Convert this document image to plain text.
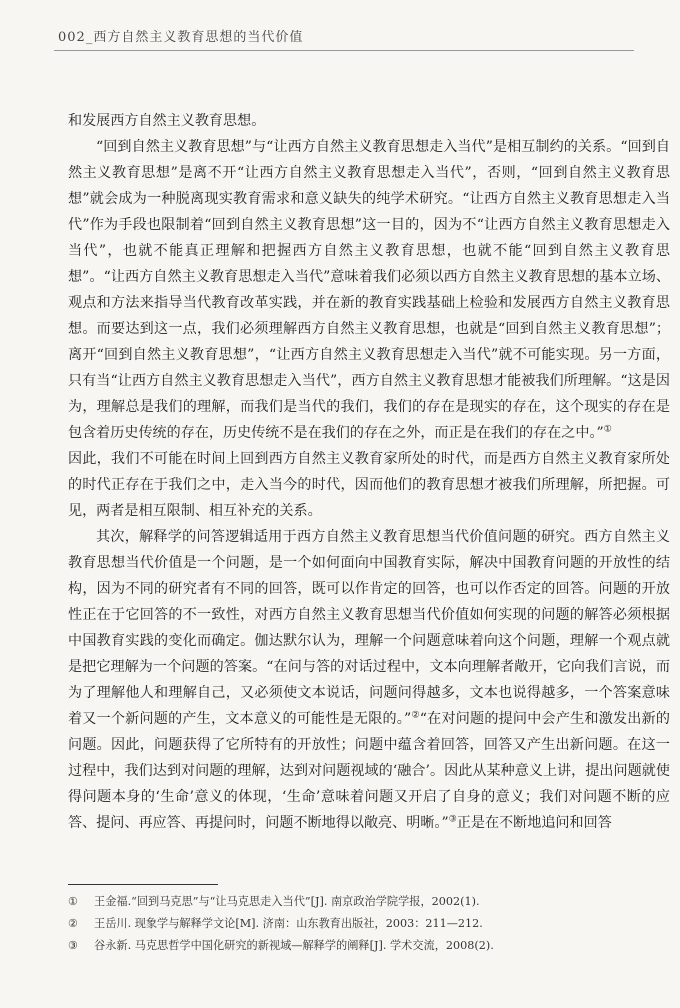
002_西方自然主义教育思想的当代价值

和发展西方自然主义教育思想。

“回到自然主义教育思想”与“让西方自然主义教育思想走入当代”是相互制约的关系。“回到自然主义教育思想”是离不开“让西方自然主义教育思想走入当代”，否则，“回到自然主义教育思想”就会成为一种脱离现实教育需求和意义缺失的纯学术研究。“让西方自然主义教育思想走入当代”作为手段也限制着“回到自然主义教育思想”这一目的，因为不“让西方自然主义教育思想走入当代”，也就不能真正理解和把握西方自然主义教育思想，也就不能“回到自然主义教育思想”。“让西方自然主义教育思想走入当代”意味着我们必须以西方自然主义教育思想的基本立场、观点和方法来指导当代教育改革实践，并在新的教育实践基础上检验和发展西方自然主义教育思想。而要达到这一点，我们必须理解西方自然主义教育思想，也就是“回到自然主义教育思想”；离开“回到自然主义教育思想”，“让西方自然主义教育思想走入当代”就不可能实现。另一方面，只有当“让西方自然主义教育思想走入当代”，西方自然主义教育思想才能被我们所理解。“这是因为，理解总是我们的理解，而我们是当代的我们，我们的存在是现实的存在，这个现实的存在是包含着历史传统的存在，历史传统不是在我们的存在之外，而正是在我们的存在之中。”①

因此，我们不可能在时间上回到西方自然主义教育家所处的时代，而是西方自然主义教育家所处的时代正存在于我们之中，走入当今的时代，因而他们的教育思想才被我们所理解，所把握。可见，两者是相互限制、相互补充的关系。

其次，解释学的问答逻辑适用于西方自然主义教育思想当代价值问题的研究。西方自然主义教育思想当代价值是一个问题，是一个如何面向中国教育实际，解决中国教育问题的开放性的结构，因为不同的研究者有不同的回答，既可以作肯定的回答，也可以作否定的回答。问题的开放性正在于它回答的不一致性，对西方自然主义教育思想当代价值如何实现的问题的解答必须根据中国教育实践的变化而确定。伽达默尔认为，理解一个问题意味着向这个问题，理解一个观点就是把它理解为一个问题的答案。“在问与答的对话过程中，文本向理解者敞开，它向我们言说，而为了理解他人和理解自己，又必须使文本说话，问题问得越多，文本也说得越多，一个答案意味着又一个新问题的产生，文本意义的可能性是无限的。”②“在对问题的提问中会产生和激发出新的问题。因此，问题获得了它所特有的开放性；问题中蕴含着回答，回答又产生出新问题。在这一过程中，我们达到对问题的理解，达到对问题视域的‘融合’。因此从某种意义上讲，提出问题就使得问题本身的‘生命’意义的体现，‘生命’意味着问题又开启了自身的意义；我们对问题不断的应答、提问、再应答、再提问时，问题不断地得以敞亮、明晰。”③正是在不断地追问和回答

①	王金福.“回到马克思”与“让马克思走入当代”[J]. 南京政治学院学报，2002(1).
②	王岳川. 现象学与解释学文论[M]. 济南：山东教育出版社，2003：211—212.
③	谷永新. 马克思哲学中国化研究的新视域—解释学的阐释[J]. 学术交流，2008(2).
